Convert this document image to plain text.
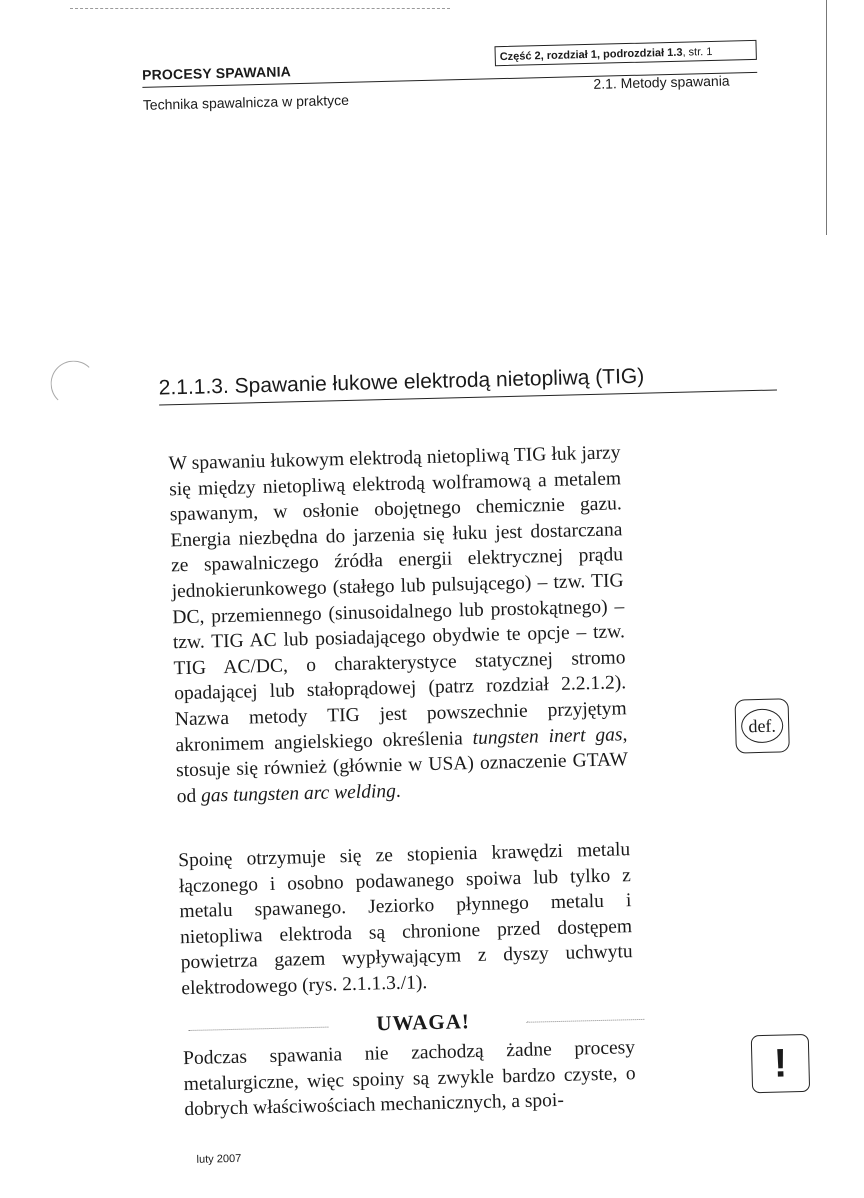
PROCESY SPAWANIA
Część 2, rozdział 1, podrozdział 1.3, str. 1
Technika spawalnicza w praktyce
2.1. Metody spawania
2.1.1.3. Spawanie łukowe elektrodą nietopliwą (TIG)
W spawaniu łukowym elektrodą nietopliwą TIG łuk jarzy się między nietopliwą elektrodą wolframową a metalem spawanym, w osłonie obojętnego chemicznie gazu. Energia niezbędna do jarzenia się łuku jest dostarczana ze spawalniczego źródła energii elektrycznej prądu jednokierunkowego (stałego lub pulsującego) – tzw. TIG DC, przemiennego (sinusoidalnego lub prostokątnego) – tzw. TIG AC lub posiadającego obydwie te opcje – tzw. TIG AC/DC, o charakterystyce statycznej stromo opadającej lub stałoprądowej (patrz rozdział 2.2.1.2). Nazwa metody TIG jest powszechnie przyjętym akronimem angielskiego określenia tungsten inert gas, stosuje się również (głównie w USA) oznaczenie GTAW od gas tungsten arc welding.
def.
Spoinę otrzymuje się ze stopienia krawędzi metalu łączonego i osobno podawanego spoiwa lub tylko z metalu spawanego. Jeziorko płynnego metalu i nietopliwa elektroda są chronione przed dostępem powietrza gazem wypływającym z dyszy uchwytu elektrodowego (rys. 2.1.1.3./1).
UWAGA!
Podczas spawania nie zachodzą żadne procesy metalurgiczne, więc spoiny są zwykle bardzo czyste, o dobrych właściwościach mechanicznych, a spoi-
!
luty 2007
